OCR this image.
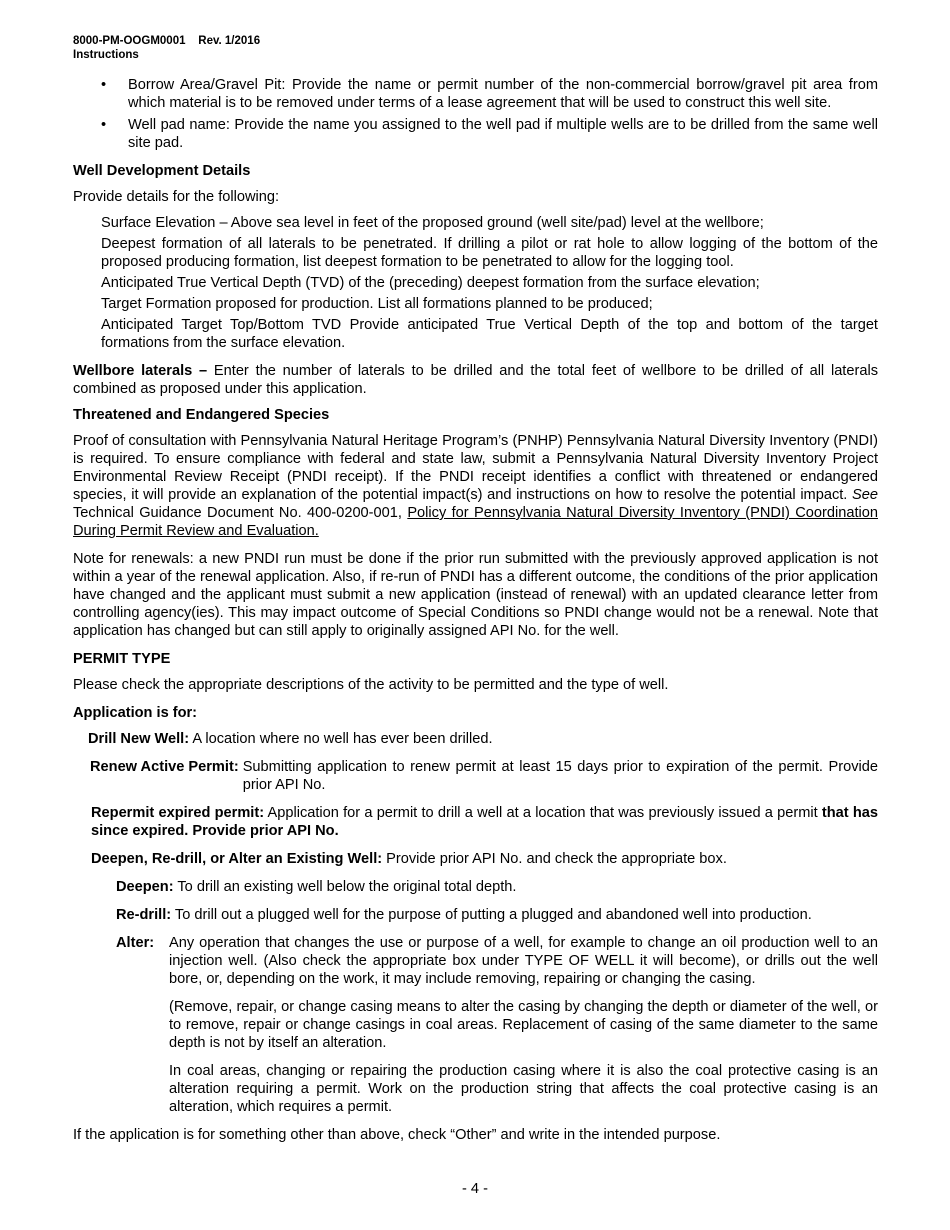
8000-PM-OOGM0001 Rev. 1/2016
Instructions
• Borrow Area/Gravel Pit: Provide the name or permit number of the non-commercial borrow/gravel pit area from which material is to be removed under terms of a lease agreement that will be used to construct this well site.
• Well pad name: Provide the name you assigned to the well pad if multiple wells are to be drilled from the same well site pad.

Well Development Details

Provide details for the following:

Surface Elevation – Above sea level in feet of the proposed ground (well site/pad) level at the wellbore;

Deepest formation of all laterals to be penetrated. If drilling a pilot or rat hole to allow logging of the bottom of the proposed producing formation, list deepest formation to be penetrated to allow for the logging tool.

Anticipated True Vertical Depth (TVD) of the (preceding) deepest formation from the surface elevation;

Target Formation proposed for production. List all formations planned to be produced;

Anticipated Target Top/Bottom TVD Provide anticipated True Vertical Depth of the top and bottom of the target formations from the surface elevation.

Wellbore laterals – Enter the number of laterals to be drilled and the total feet of wellbore to be drilled of all laterals combined as proposed under this application.

Threatened and Endangered Species

Proof of consultation with Pennsylvania Natural Heritage Program’s (PNHP) Pennsylvania Natural Diversity Inventory (PNDI) is required. To ensure compliance with federal and state law, submit a Pennsylvania Natural Diversity Inventory Project Environmental Review Receipt (PNDI receipt). If the PNDI receipt identifies a conflict with threatened or endangered species, it will provide an explanation of the potential impact(s) and instructions on how to resolve the potential impact. See Technical Guidance Document No. 400-0200-001, Policy for Pennsylvania Natural Diversity Inventory (PNDI) Coordination During Permit Review and Evaluation.

Note for renewals: a new PNDI run must be done if the prior run submitted with the previously approved application is not within a year of the renewal application. Also, if re-run of PNDI has a different outcome, the conditions of the prior application have changed and the applicant must submit a new application (instead of renewal) with an updated clearance letter from controlling agency(ies). This may impact outcome of Special Conditions so PNDI change would not be a renewal. Note that application has changed but can still apply to originally assigned API No. for the well.

PERMIT TYPE

Please check the appropriate descriptions of the activity to be permitted and the type of well.

Application is for:

Drill New Well: A location where no well has ever been drilled.

Renew Active Permit: Submitting application to renew permit at least 15 days prior to expiration of the permit. Provide prior API No.

Repermit expired permit: Application for a permit to drill a well at a location that was previously issued a permit that has since expired. Provide prior API No.

Deepen, Re-drill, or Alter an Existing Well: Provide prior API No. and check the appropriate box.

Deepen: To drill an existing well below the original total depth.

Re-drill: To drill out a plugged well for the purpose of putting a plugged and abandoned well into production.

Alter:	Any operation that changes the use or purpose of a well, for example to change an oil production well to an injection well. (Also check the appropriate box under TYPE OF WELL it will become), or drills out the well bore, or, depending on the work, it may include removing, repairing or changing the casing.

(Remove, repair, or change casing means to alter the casing by changing the depth or diameter of the well, or to remove, repair or change casings in coal areas. Replacement of casing of the same diameter to the same depth is not by itself an alteration.

In coal areas, changing or repairing the production casing where it is also the coal protective casing is an alteration requiring a permit. Work on the production string that affects the coal protective casing is an alteration, which requires a permit.

If the application is for something other than above, check “Other” and write in the intended purpose.

- 4 -
